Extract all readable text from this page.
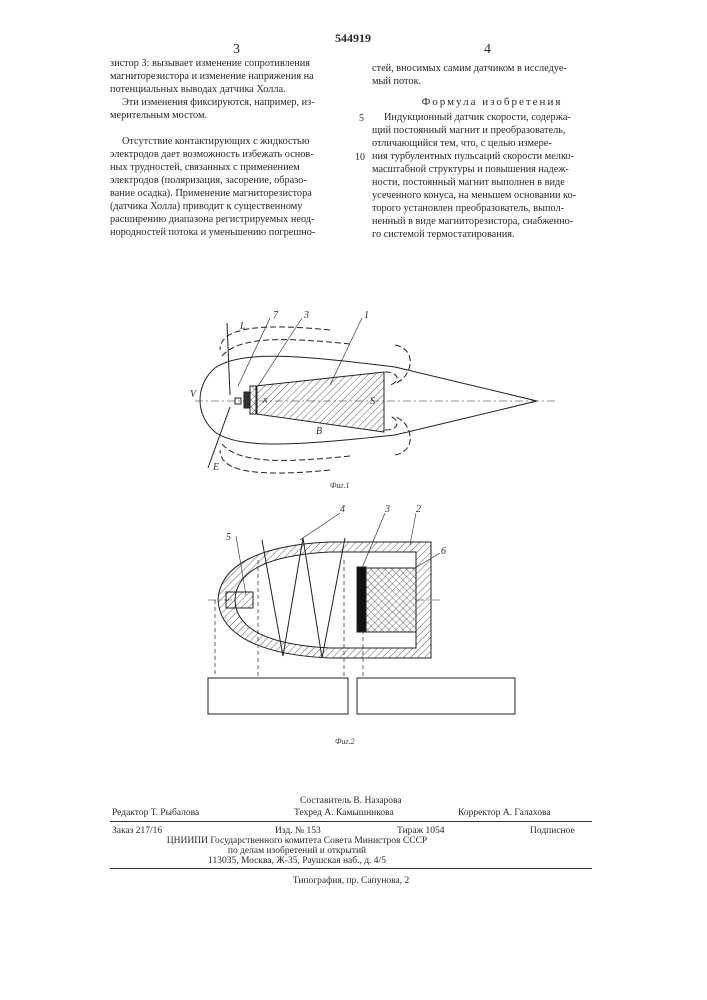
544919
3	4
зистор 3: вызывает изменение сопротивления
магниторезистора и изменение напряжения на
потенциальных выводах датчика Холла.
Эти изменения фиксируются, например, из-
мерительным мостом.
Отсутствие контактирующих с жидкостью
электродов дает возможность избежать основ-
ных трудностей, связанных с применением
электродов (поляризация, засорение, образо-
вание осадка). Применение магниторезистора
(датчика Холла) приводит к существенному
расширению диапазона регистрируемых неод-
нородностей потока и уменьшению погрешно-
5
10
стей, вносимых самим датчиком в исследуе-
мый поток.
Формула изобретения
Индукционный датчик скорости, содержа-
щий постоянный магнит и преобразователь,
отличающийся тем, что, с целью измере-
ния турбулентных пульсаций скорости мелко-
масштабной структуры и повышения надеж-
ности, постоянный магнит выполнен в виде
усеченного конуса, на меньшем основании ко-
торого установлен преобразователь, выпол-
ненный в виде магниторезистора, снабженно-
го системой термостатирования.
7	3	1
L
V
N	S
B
E
Фиг.1
5
4	3	2
6
Фиг.2
Составитель В. Назарова
Редактор Т. Рыбалова	Техред А. Камышникова	Корректор А. Галахова
Заказ 217/16	Изд. № 153	Тираж 1054	Подписное
ЦНИИПИ Государственного комитета Совета Министров СССР
по делам изобретений и открытий
113035, Москва, Ж-35, Раушская наб., д. 4/5
Типография, пр. Сапунова, 2
